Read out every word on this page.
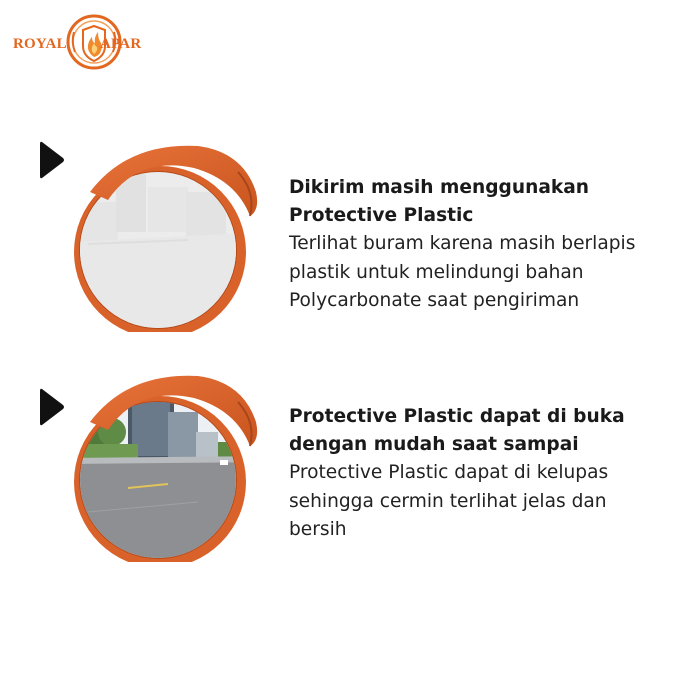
ROYAL APAR

Dikirim masih menggunakan

Protective Plastic

Terlihat buram karena masih berlapis

plastik untuk melindungi bahan

Polycarbonate saat pengiriman

Protective Plastic dapat di buka

dengan mudah saat sampai

Protective Plastic dapat di kelupas

sehingga cermin terlihat jelas dan

bersih
